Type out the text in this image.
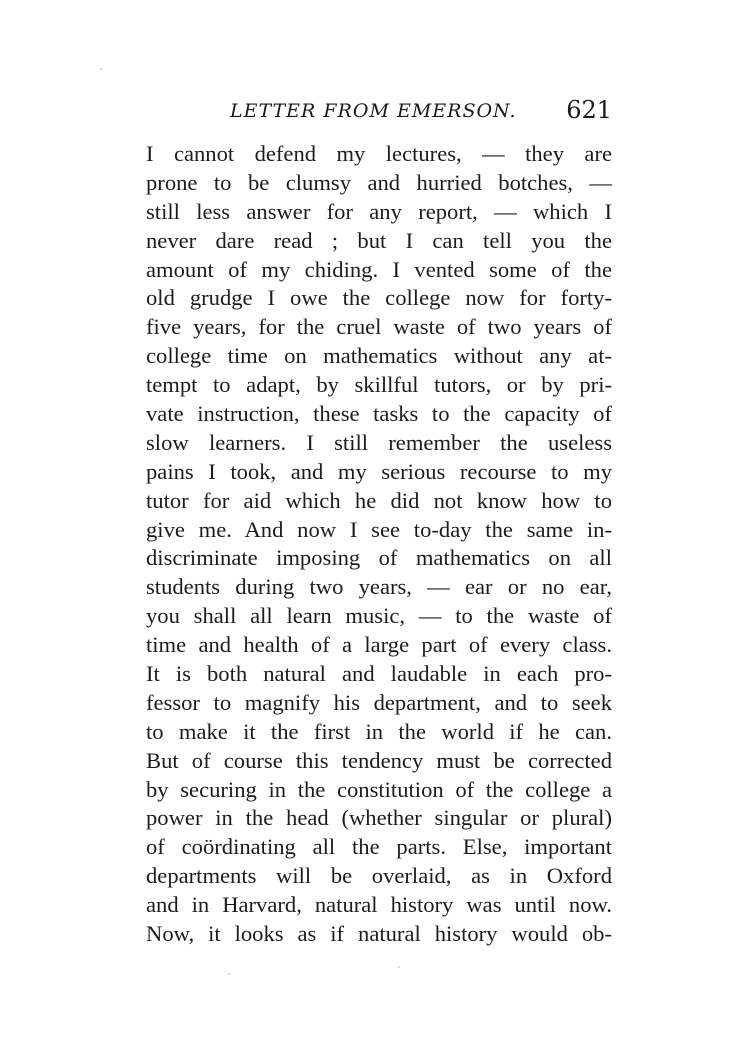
LETTER FROM EMERSON. 621
I cannot defend my lectures, — they are
prone to be clumsy and hurried botches, —
still less answer for any report, — which I
never dare read ; but I can tell you the
amount of my chiding. I vented some of the
old grudge I owe the college now for forty-
five years, for the cruel waste of two years of
college time on mathematics without any at-
tempt to adapt, by skillful tutors, or by pri-
vate instruction, these tasks to the capacity of
slow learners. I still remember the useless
pains I took, and my serious recourse to my
tutor for aid which he did not know how to
give me. And now I see to-day the same in-
discriminate imposing of mathematics on all
students during two years, — ear or no ear,
you shall all learn music, — to the waste of
time and health of a large part of every class.
It is both natural and laudable in each pro-
fessor to magnify his department, and to seek
to make it the first in the world if he can.
But of course this tendency must be corrected
by securing in the constitution of the college a
power in the head (whether singular or plural)
of coördinating all the parts. Else, important
departments will be overlaid, as in Oxford
and in Harvard, natural history was until now.
Now, it looks as if natural history would ob-
